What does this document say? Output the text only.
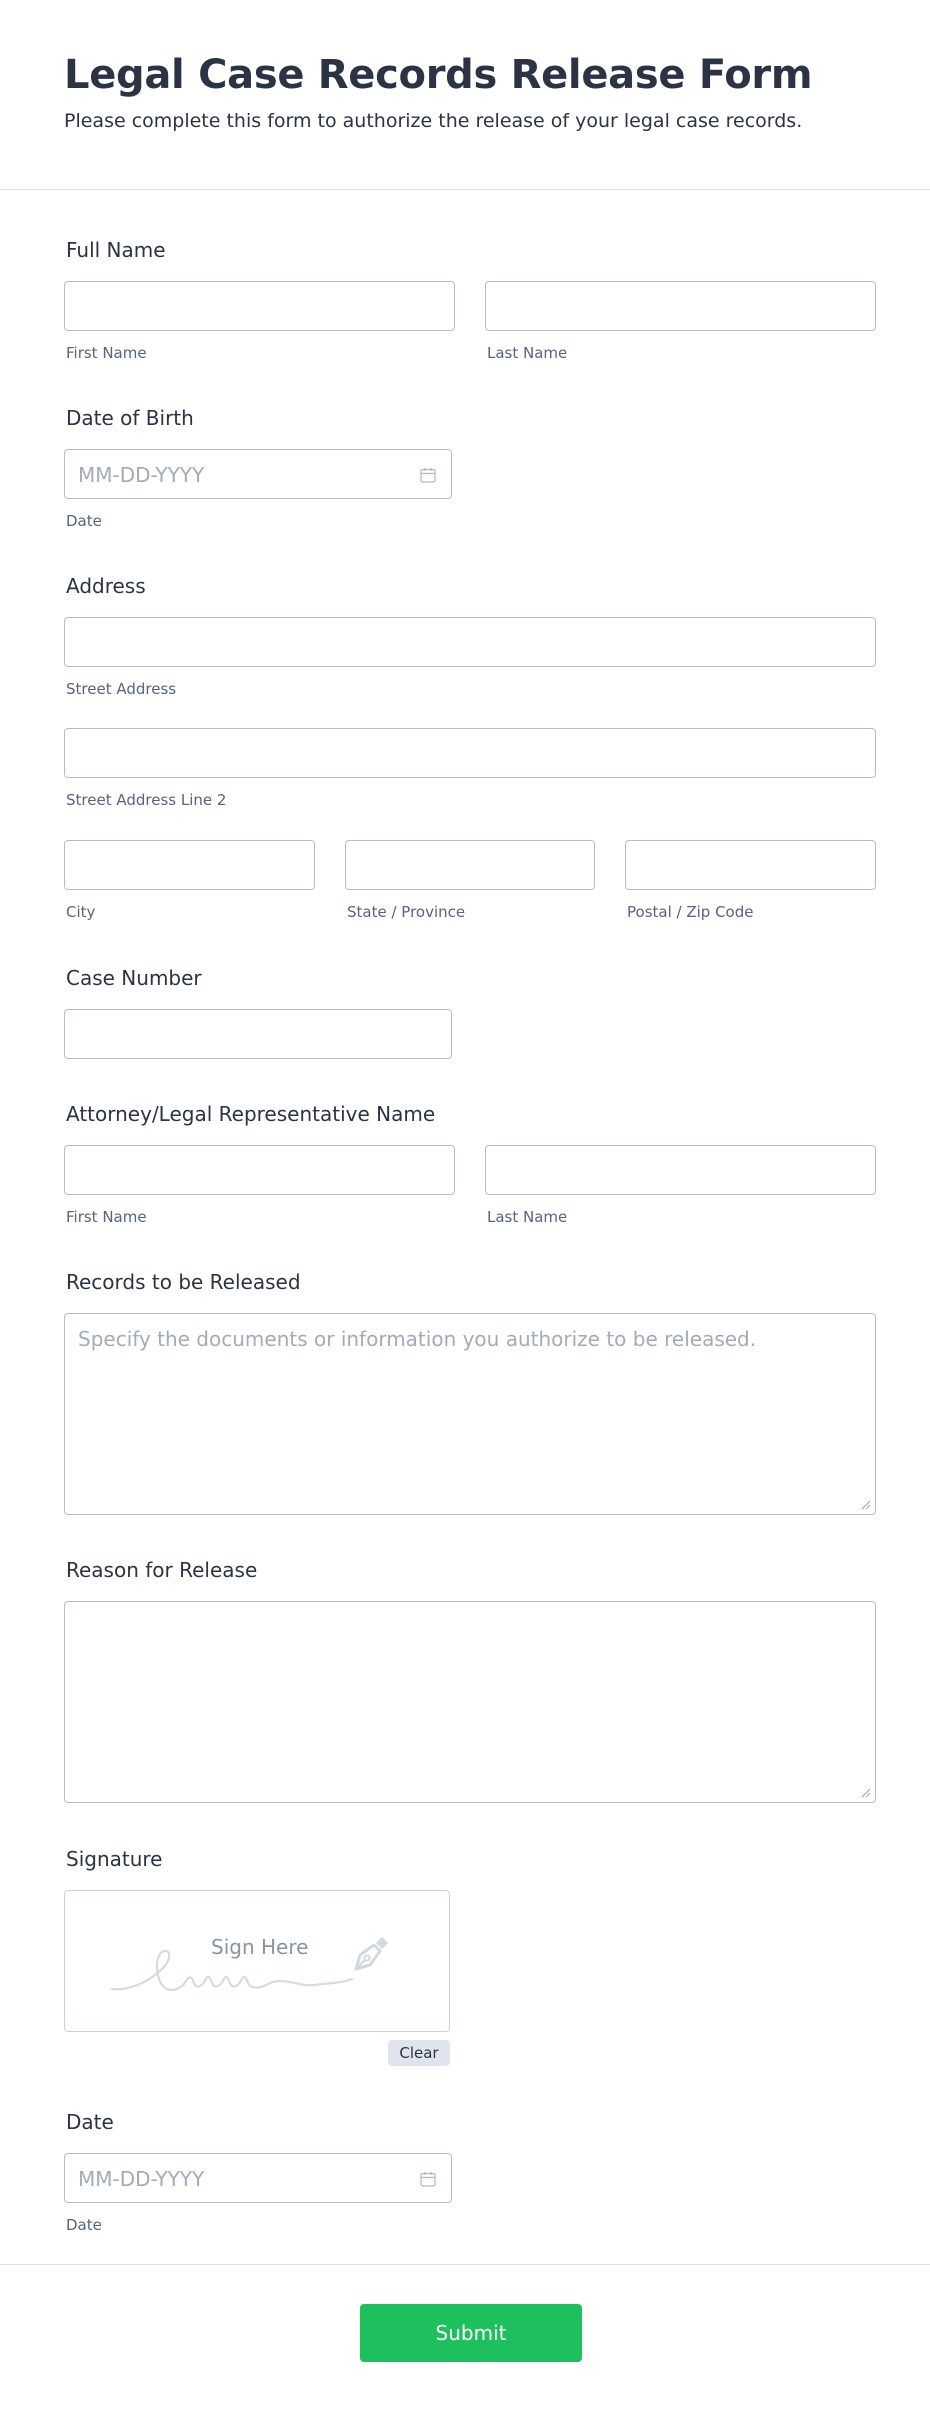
Legal Case Records Release Form
Please complete this form to authorize the release of your legal case records.
Full Name
First Name	Last Name
Date of Birth
MM-DD-YYYY
Date
Address
Street Address
Street Address Line 2
City	State / Province	Postal / Zip Code
Case Number
Attorney/Legal Representative Name
First Name	Last Name
Records to be Released
Specify the documents or information you authorize to be released.
Reason for Release
Signature
Sign Here
Clear
Date
MM-DD-YYYY
Date
Submit
